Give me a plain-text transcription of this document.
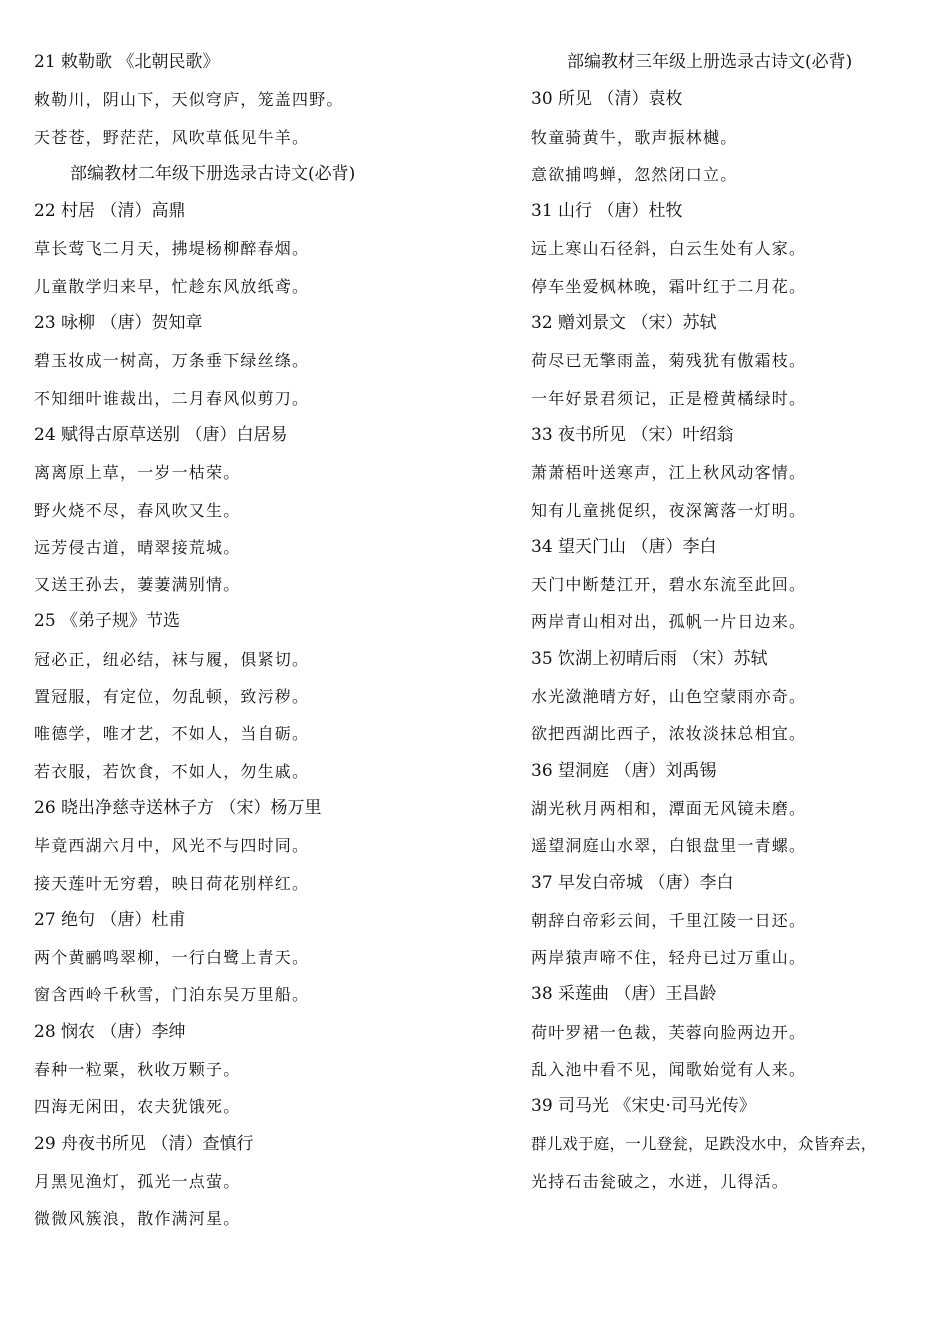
21 敕勒歌 《北朝民歌》
敕勒川，阴山下，天似穹庐，笼盖四野。
天苍苍，野茫茫，风吹草低见牛羊。
部编教材二年级下册选录古诗文(必背)
22 村居 （清）高鼎
草长莺飞二月天，拂堤杨柳醉春烟。
儿童散学归来早，忙趁东风放纸鸢。
23 咏柳 （唐）贺知章
碧玉妆成一树高，万条垂下绿丝绦。
不知细叶谁裁出，二月春风似剪刀。
24 赋得古原草送别 （唐）白居易
离离原上草，一岁一枯荣。
野火烧不尽，春风吹又生。
远芳侵古道，晴翠接荒城。
又送王孙去，萋萋满别情。
25 《弟子规》节选
冠必正，纽必结，袜与履，俱紧切。
置冠服，有定位，勿乱顿，致污秽。
唯德学，唯才艺，不如人，当自砺。
若衣服，若饮食，不如人，勿生戚。
26 晓出净慈寺送林子方 （宋）杨万里
毕竟西湖六月中，风光不与四时同。
接天莲叶无穷碧，映日荷花别样红。
27 绝句 （唐）杜甫
两个黄鹂鸣翠柳，一行白鹭上青天。
窗含西岭千秋雪，门泊东吴万里船。
28 悯农 （唐）李绅
春种一粒粟，秋收万颗子。
四海无闲田，农夫犹饿死。
29 舟夜书所见 （清）查慎行
月黑见渔灯，孤光一点萤。
微微风簇浪，散作满河星。
部编教材三年级上册选录古诗文(必背)
30 所见 （清）袁枚
牧童骑黄牛，歌声振林樾。
意欲捕鸣蝉，忽然闭口立。
31 山行 （唐）杜牧
远上寒山石径斜，白云生处有人家。
停车坐爱枫林晚，霜叶红于二月花。
32 赠刘景文 （宋）苏轼
荷尽已无擎雨盖，菊残犹有傲霜枝。
一年好景君须记，正是橙黄橘绿时。
33 夜书所见 （宋）叶绍翁
萧萧梧叶送寒声，江上秋风动客情。
知有儿童挑促织，夜深篱落一灯明。
34 望天门山 （唐）李白
天门中断楚江开，碧水东流至此回。
两岸青山相对出，孤帆一片日边来。
35 饮湖上初晴后雨 （宋）苏轼
水光潋滟晴方好，山色空蒙雨亦奇。
欲把西湖比西子，浓妆淡抹总相宜。
36 望洞庭 （唐）刘禹锡
湖光秋月两相和，潭面无风镜未磨。
遥望洞庭山水翠，白银盘里一青螺。
37 早发白帝城 （唐）李白
朝辞白帝彩云间，千里江陵一日还。
两岸猿声啼不住，轻舟已过万重山。
38 采莲曲 （唐）王昌龄
荷叶罗裙一色裁，芙蓉向脸两边开。
乱入池中看不见，闻歌始觉有人来。
39 司马光 《宋史·司马光传》
群儿戏于庭，一儿登瓮，足跌没水中，众皆弃去，
光持石击瓮破之，水迸，儿得活。
